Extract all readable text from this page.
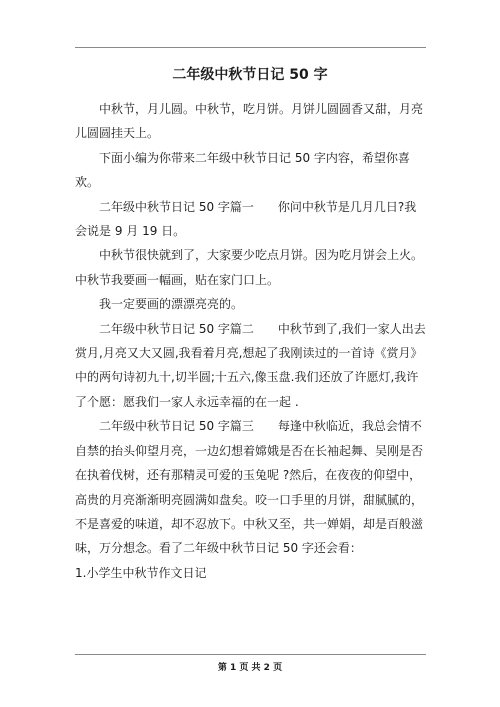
二年级中秋节日记 50 字

中秋节，月儿圆。中秋节，吃月饼。月饼儿圆圆香又甜，月亮儿圆圆挂天上。

下面小编为你带来二年级中秋节日记 50 字内容，希望你喜欢。

二年级中秋节日记 50 字篇一　　你问中秋节是几月几日?我会说是 9 月 19 日。

中秋节很快就到了，大家要少吃点月饼。因为吃月饼会上火。中秋节我要画一幅画，贴在家门口上。

我一定要画的漂漂亮亮的。

二年级中秋节日记 50 字篇二　　中秋节到了,我们一家人出去赏月,月亮又大又圆,我看着月亮,想起了我刚读过的一首诗《赏月》中的两句诗初九十,切半圆;十五六,像玉盘.我们还放了许愿灯,我许了个愿：愿我们一家人永远幸福的在一起 .

二年级中秋节日记 50 字篇三　　每逢中秋临近，我总会情不自禁的抬头仰望月亮，一边幻想着嫦娥是否在长袖起舞、吴刚是否在执着伐树，还有那精灵可爱的玉兔呢 ?然后，在夜夜的仰望中，高贵的月亮渐渐明亮圆满如盘矣。咬一口手里的月饼，甜腻腻的，不是喜爱的味道，却不忍放下。中秋又至，共一婵娟，却是百般滋味，万分想念。看了二年级中秋节日记 50 字还会看：

1.小学生中秋节作文日记

第 1 页 共 2 页
